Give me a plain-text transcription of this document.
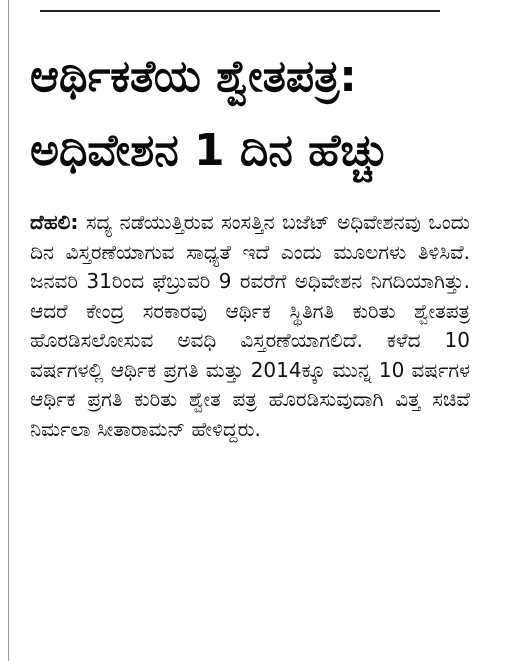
ಆರ್ಥಿಕತೆಯ ಶ್ವೇತಪತ್ರ:
ಅಧಿವೇಶನ 1 ದಿನ ಹೆಚ್ಚು

ದೆಹಲಿ: ಸದ್ಯ ನಡೆಯುತ್ತಿರುವ ಸಂಸತ್ತಿನ ಬಜೆಟ್ ಅಧಿವೇಶನವು ಒಂದು ದಿನ ವಿಸ್ತರಣೆಯಾಗುವ ಸಾಧ್ಯತೆ ಇದೆ ಎಂದು ಮೂಲಗಳು ತಿಳಿಸಿವೆ. ಜನವರಿ 31ರಿಂದ ಫೆಬ್ರುವರಿ 9 ರವರೆಗೆ ಅಧಿವೇಶನ ನಿಗದಿಯಾಗಿತ್ತು. ಆದರೆ ಕೇಂದ್ರ ಸರಕಾರವು ಆರ್ಥಿಕ ಸ್ಥಿತಿಗತಿ ಕುರಿತು ಶ್ವೇತಪತ್ರ ಹೊರಡಿಸಲೋಸುವ ಅವಧಿ ವಿಸ್ತರಣೆಯಾಗಲಿದೆ. ಕಳೆದ 10 ವರ್ಷಗಳಲ್ಲಿ ಆರ್ಥಿಕ ಪ್ರಗತಿ ಮತ್ತು 2014ಕ್ಕೂ ಮುನ್ನ 10 ವರ್ಷಗಳ ಆರ್ಥಿಕ ಪ್ರಗತಿ ಕುರಿತು ಶ್ವೇತ ಪತ್ರ ಹೊರಡಿಸುವುದಾಗಿ ವಿತ್ತ ಸಚಿವೆ ನಿರ್ಮಲಾ ಸೀತಾರಾಮನ್ ಹೇಳಿದ್ದರು.
